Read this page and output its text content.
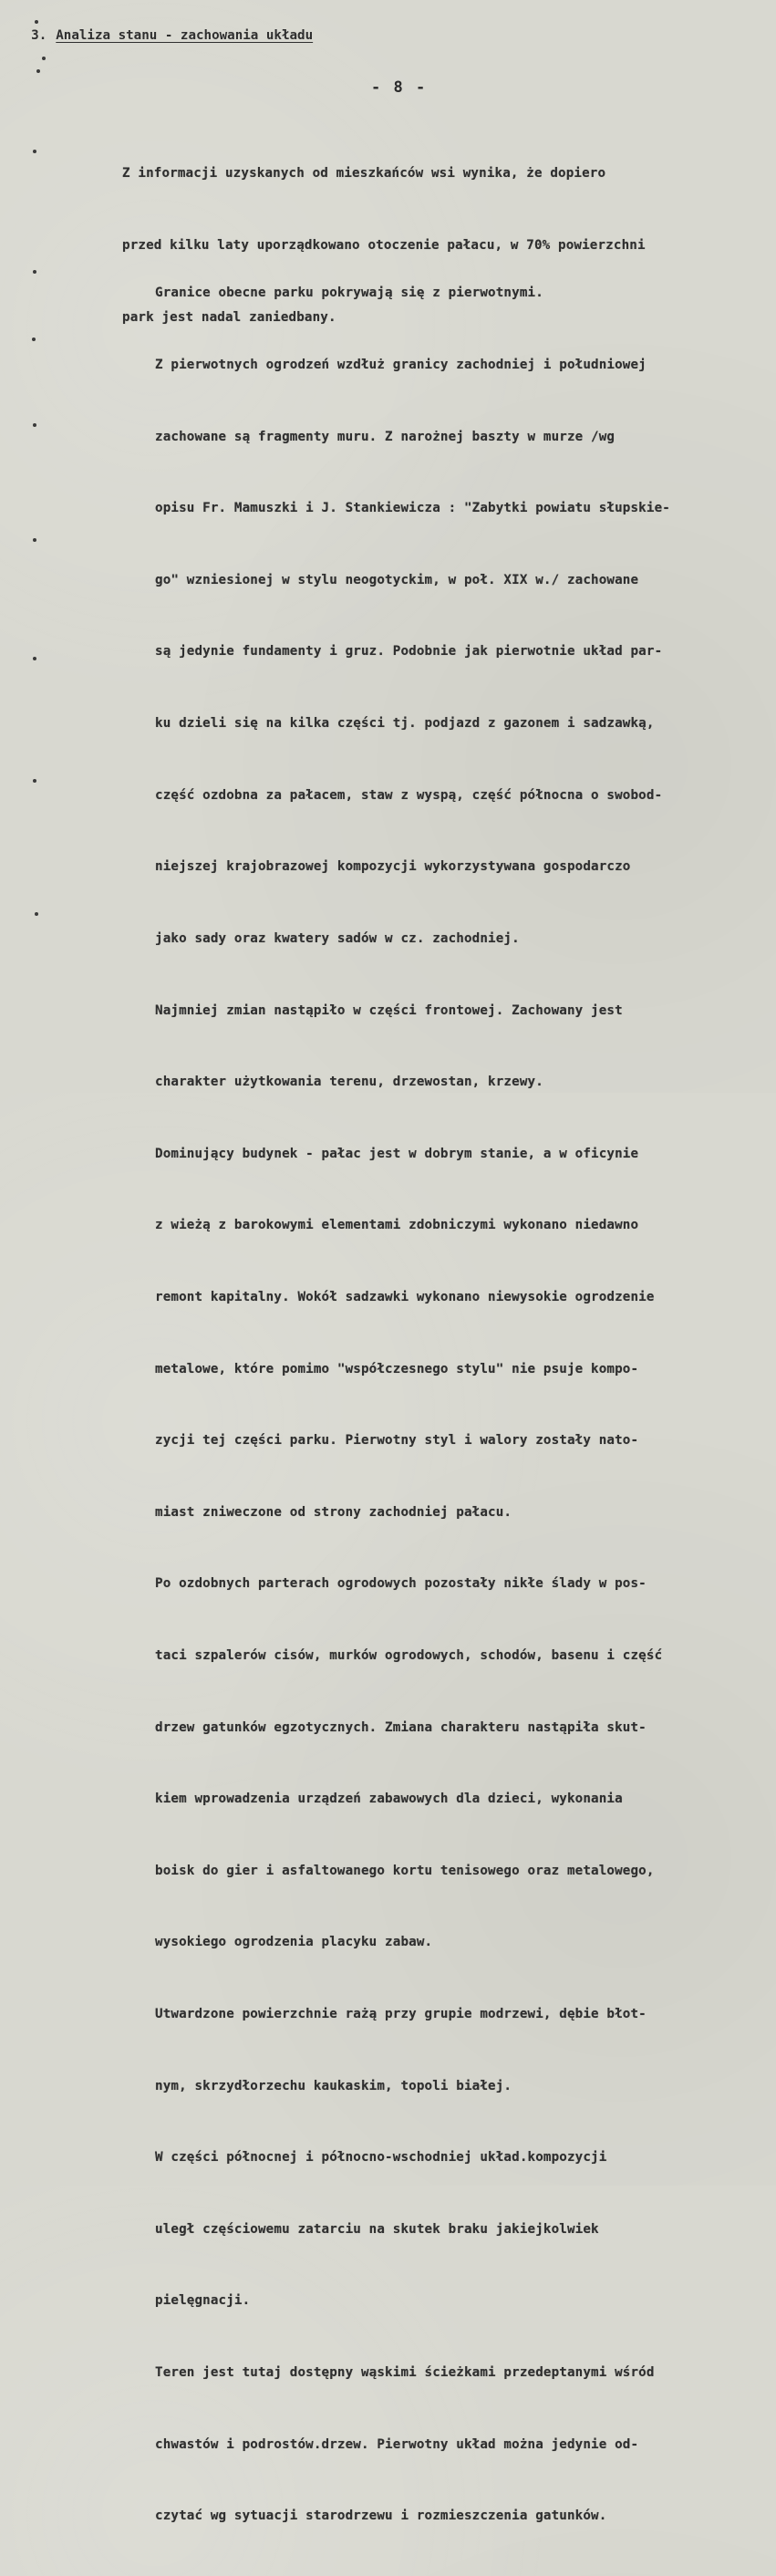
- 8 -

Z informacji uzyskanych od mieszkańców wsi wynika, że dopiero

przed kilku laty uporządkowano otoczenie pałacu, w 70% powierzchni

park jest nadal zaniedbany.

3. Analiza stanu - zachowania układu

Granice obecne parku pokrywają się z pierwotnymi.

Z pierwotnych ogrodzeń wzdłuż granicy zachodniej i południowej

zachowane są fragmenty muru. Z narożnej baszty w murze /wg

opisu Fr. Mamuszki i J. Stankiewicza : "Zabytki powiatu słupskie-

go" wzniesionej w stylu neogotyckim, w poł. XIX w./ zachowane

są jedynie fundamenty i gruz. Podobnie jak pierwotnie układ par-

ku dzieli się na kilka części tj. podjazd z gazonem i sadzawką,

część ozdobna za pałacem, staw z wyspą, część północna o swobod-

niejszej krajobrazowej kompozycji wykorzystywana gospodarczo

jako sady oraz kwatery sadów w cz. zachodniej.

Najmniej zmian nastąpiło w części frontowej. Zachowany jest

charakter użytkowania terenu, drzewostan, krzewy.

Dominujący budynek - pałac jest w dobrym stanie, a w oficynie

z wieżą z barokowymi elementami zdobniczymi wykonano niedawno

remont kapitalny. Wokół sadzawki wykonano niewysokie ogrodzenie

metalowe, które pomimo "współczesnego stylu" nie psuje kompo-

zycji tej części parku. Pierwotny styl i walory zostały nato-

miast zniweczone od strony zachodniej pałacu.

Po ozdobnych parterach ogrodowych pozostały nikłe ślady w pos-

taci szpalerów cisów, murków ogrodowych, schodów, basenu i część

drzew gatunków egzotycznych. Zmiana charakteru nastąpiła skut-

kiem wprowadzenia urządzeń zabawowych dla dzieci, wykonania

boisk do gier i asfaltowanego kortu tenisowego oraz metalowego,

wysokiego ogrodzenia placyku zabaw.

Utwardzone powierzchnie rażą przy grupie modrzewi, dębie błot-

nym, skrzydłorzechu kaukaskim, topoli białej.

W części północnej i północno-wschodniej układ.kompozycji

uległ częściowemu zatarciu na skutek braku jakiejkolwiek

pielęgnacji.

Teren jest tutaj dostępny wąskimi ścieżkami przedeptanymi wśród

chwastów i podrostów.drzew. Pierwotny układ można jedynie od-

czytać wg sytuacji starodrzewu i rozmieszczenia gatunków.
